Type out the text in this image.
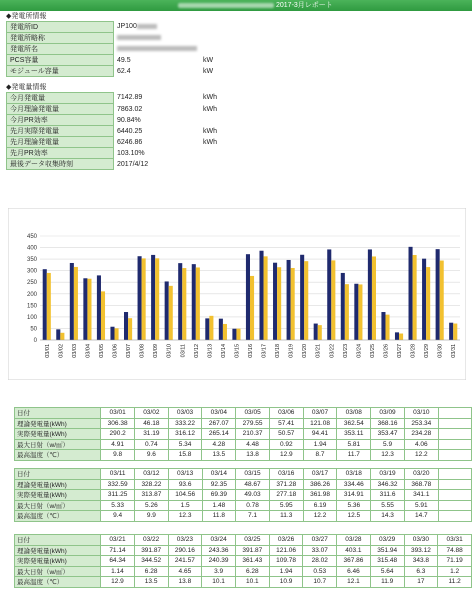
2017-3月レポート
◆発電所情報
発電所ID	JP100	
発電所略称		
発電所名		
PCS容量	49.5	kW
モジュール容量	62.4	kW
◆発電量情報
今月発電量	7142.89	kWh
今月理論発電量	7863.02	kWh
今月PR効率	90.84%	
先月実際発電量	6440.25	kWh
先月理論発電量	6246.86	kWh
先月PR効率	103.10%	
最後データ収集時刻	2017/4/12	

0
50
100
150
200
250
300
350
400
450
03/01 03/02 03/03 03/04 03/05 03/06 03/07 03/08 03/09 03/10 03/11 03/12 03/13 03/14 03/15 03/16 03/17 03/18 03/19 03/20 03/21 03/22 03/23 03/24 03/25 03/26 03/27 03/28 03/29 03/30 03/31
日付	03/01	03/02	03/03	03/04	03/05	03/06	03/07	03/08	03/09	03/10	
理論発電量(kWh)	306.38	46.18	333.22	267.07	279.55	57.41	121.08	362.54	368.16	253.34	
実際発電量(kWh)	290.2	31.19	316.12	265.14	210.37	50.57	94.41	353.11	353.47	234.28	
最大日射（w/㎡）	4.91	0.74	5.34	4.28	4.48	0.92	1.94	5.81	5.9	4.06	
最高温度（℃）	9.8	9.6	15.8	13.5	13.8	12.9	8.7	11.7	12.3	12.2	
日付	03/11	03/12	03/13	03/14	03/15	03/16	03/17	03/18	03/19	03/20	
理論発電量(kWh)	332.59	328.22	93.6	92.35	48.67	371.28	386.26	334.46	346.32	368.78	
実際発電量(kWh)	311.25	313.87	104.56	69.39	49.03	277.18	361.98	314.91	311.6	341.1	
最大日射（w/㎡）	5.33	5.26	1.5	1.48	0.78	5.95	6.19	5.36	5.55	5.91	
最高温度（℃）	9.4	9.9	12.3	11.8	7.1	11.3	12.2	12.5	14.3	14.7	
日付	03/21	03/22	03/23	03/24	03/25	03/26	03/27	03/28	03/29	03/30	03/31
理論発電量(kWh)	71.14	391.87	290.16	243.36	391.87	121.06	33.07	403.1	351.94	393.12	74.88
実際発電量(kWh)	64.34	344.52	241.57	240.39	361.43	109.78	28.02	367.86	315.48	343.8	71.19
最大日射（w/㎡）	1.14	6.28	4.65	3.9	6.28	1.94	0.53	6.46	5.64	6.3	1.2
最高温度（℃）	12.9	13.5	13.8	10.1	10.1	10.9	10.7	12.1	11.9	17	11.2
